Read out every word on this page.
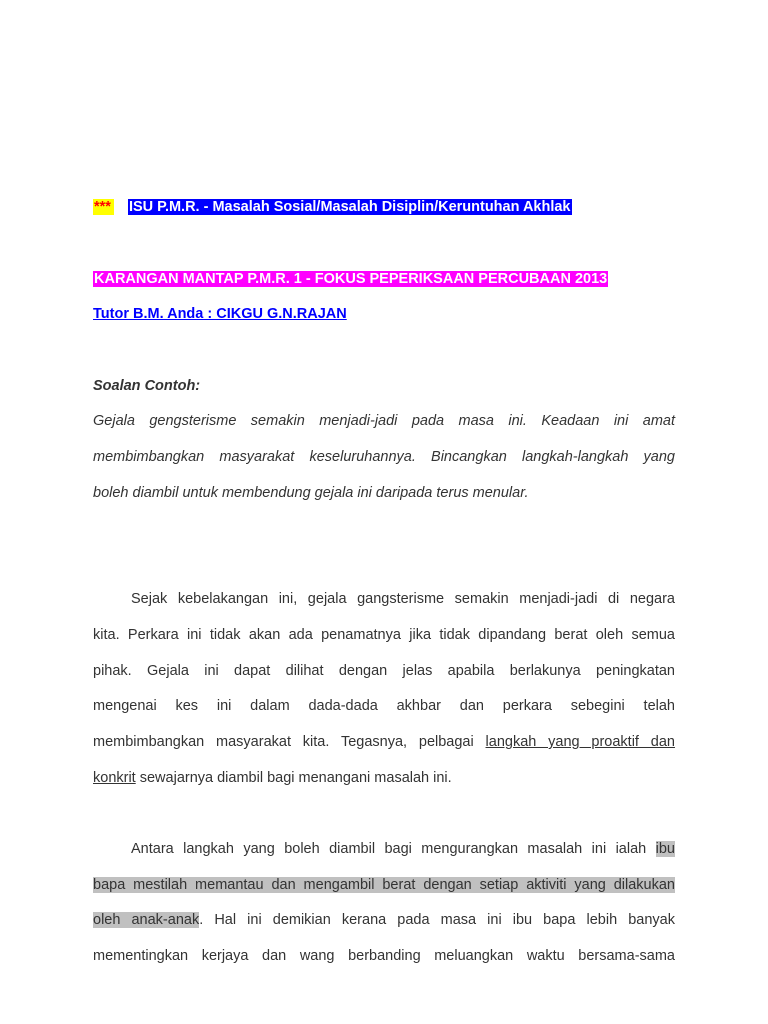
*** ISU P.M.R. - Masalah Sosial/Masalah Disiplin/Keruntuhan Akhlak
KARANGAN MANTAP P.M.R. 1 - FOKUS PEPERIKSAAN PERCUBAAN 2013
Tutor B.M. Anda : CIKGU G.N.RAJAN
Soalan Contoh:
Gejala gengsterisme semakin menjadi-jadi pada masa ini. Keadaan ini amat
membimbangkan masyarakat keseluruhannya. Bincangkan langkah-langkah yang
boleh diambil untuk membendung gejala ini daripada terus menular.
Sejak kebelakangan ini, gejala gangsterisme semakin menjadi-jadi di negara
kita. Perkara ini tidak akan ada penamatnya jika tidak dipandang berat oleh semua
pihak. Gejala ini dapat dilihat dengan jelas apabila berlakunya peningkatan
mengenai kes ini dalam dada-dada akhbar dan perkara sebegini telah
membimbangkan masyarakat kita. Tegasnya, pelbagai langkah yang proaktif dan
konkrit sewajarnya diambil bagi menangani masalah ini.
Antara langkah yang boleh diambil bagi mengurangkan masalah ini ialah ibu
bapa mestilah memantau dan mengambil berat dengan setiap aktiviti yang dilakukan
oleh anak-anak. Hal ini demikian kerana pada masa ini ibu bapa lebih banyak
mementingkan kerjaya dan wang berbanding meluangkan waktu bersama-sama
